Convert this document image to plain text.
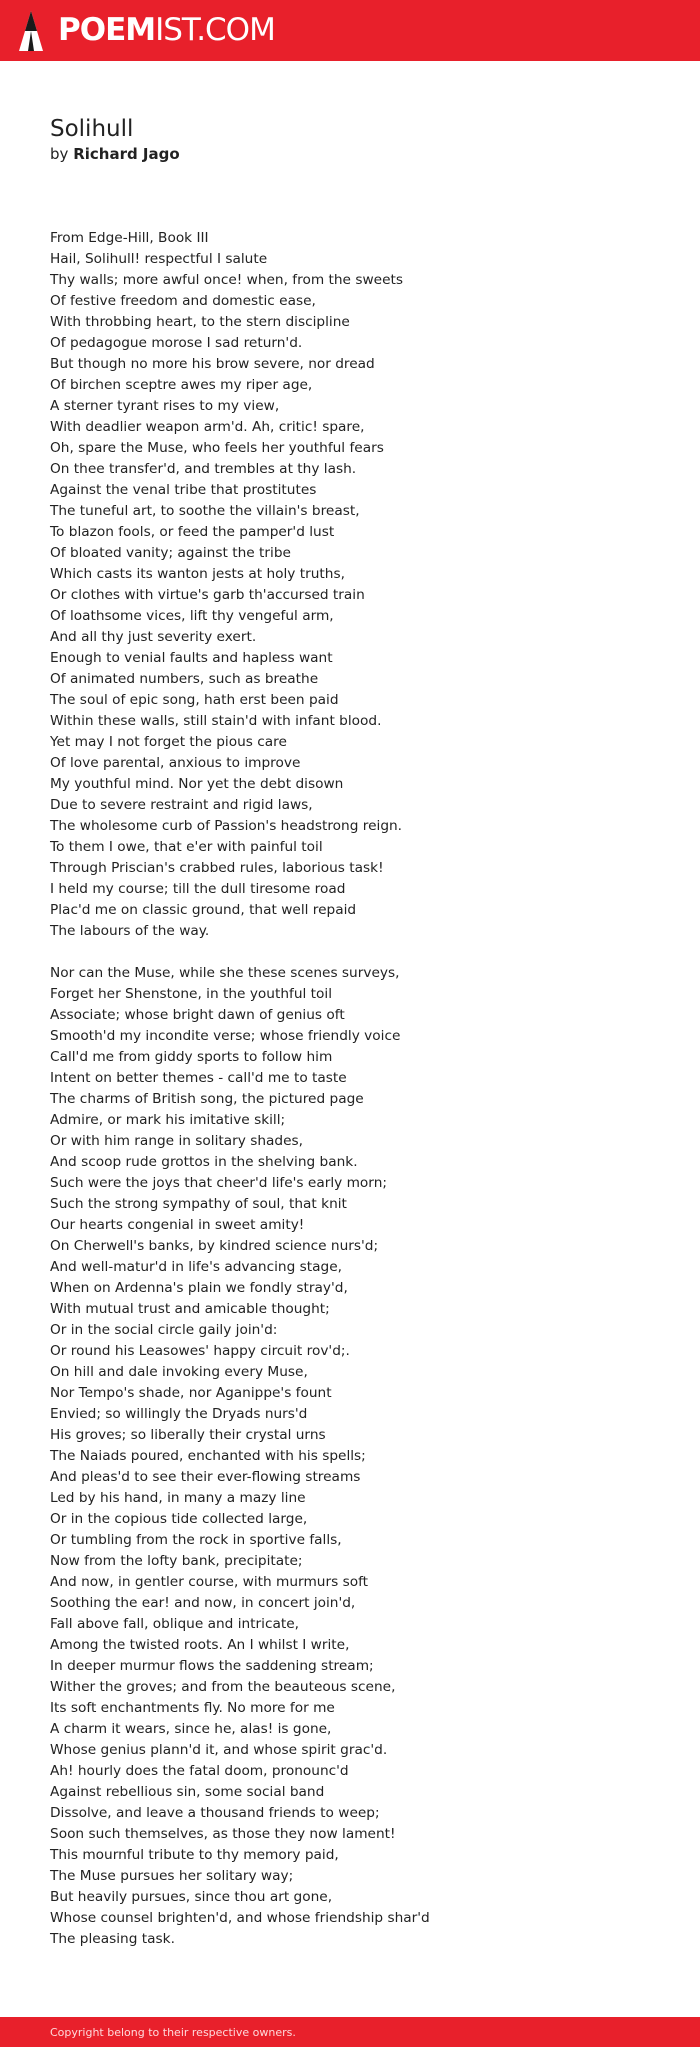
POEMIST.COM
Solihull

by Richard Jago

From Edge-Hill, Book III
Hail, Solihull! respectful I salute
Thy walls; more awful once! when, from the sweets
Of festive freedom and domestic ease,
With throbbing heart, to the stern discipline
Of pedagogue morose I sad return'd.
But though no more his brow severe, nor dread
Of birchen sceptre awes my riper age,
A sterner tyrant rises to my view,
With deadlier weapon arm'd. Ah, critic! spare,
Oh, spare the Muse, who feels her youthful fears
On thee transfer'd, and trembles at thy lash.
Against the venal tribe that prostitutes
The tuneful art, to soothe the villain's breast,
To blazon fools, or feed the pamper'd lust
Of bloated vanity; against the tribe
Which casts its wanton jests at holy truths,
Or clothes with virtue's garb th'accursed train
Of loathsome vices, lift thy vengeful arm,
And all thy just severity exert.
Enough to venial faults and hapless want
Of animated numbers, such as breathe
The soul of epic song, hath erst been paid
Within these walls, still stain'd with infant blood.
Yet may I not forget the pious care
Of love parental, anxious to improve
My youthful mind. Nor yet the debt disown
Due to severe restraint and rigid laws,
The wholesome curb of Passion's headstrong reign.
To them I owe, that e'er with painful toil
Through Priscian's crabbed rules, laborious task!
I held my course; till the dull tiresome road
Plac'd me on classic ground, that well repaid
The labours of the way.
Nor can the Muse, while she these scenes surveys,
Forget her Shenstone, in the youthful toil
Associate; whose bright dawn of genius oft
Smooth'd my incondite verse; whose friendly voice
Call'd me from giddy sports to follow him
Intent on better themes - call'd me to taste
The charms of British song, the pictured page
Admire, or mark his imitative skill;
Or with him range in solitary shades,
And scoop rude grottos in the shelving bank.
Such were the joys that cheer'd life's early morn;
Such the strong sympathy of soul, that knit
Our hearts congenial in sweet amity!
On Cherwell's banks, by kindred science nurs'd;
And well-matur'd in life's advancing stage,
When on Ardenna's plain we fondly stray'd,
With mutual trust and amicable thought;
Or in the social circle gaily join'd:
Or round his Leasowes' happy circuit rov'd;.
On hill and dale invoking every Muse,
Nor Tempo's shade, nor Aganippe's fount
Envied; so willingly the Dryads nurs'd
His groves; so liberally their crystal urns
The Naiads poured, enchanted with his spells;
And pleas'd to see their ever-flowing streams
Led by his hand, in many a mazy line
Or in the copious tide collected large,
Or tumbling from the rock in sportive falls,
Now from the lofty bank, precipitate;
And now, in gentler course, with murmurs soft
Soothing the ear! and now, in concert join'd,
Fall above fall, oblique and intricate,
Among the twisted roots. An I whilst I write,
In deeper murmur flows the saddening stream;
Wither the groves; and from the beauteous scene,
Its soft enchantments fly. No more for me
A charm it wears, since he, alas! is gone,
Whose genius plann'd it, and whose spirit grac'd.
Ah! hourly does the fatal doom, pronounc'd
Against rebellious sin, some social band
Dissolve, and leave a thousand friends to weep;
Soon such themselves, as those they now lament!
This mournful tribute to thy memory paid,
The Muse pursues her solitary way;
But heavily pursues, since thou art gone,
Whose counsel brighten'd, and whose friendship shar'd
The pleasing task.
Copyright belong to their respective owners.
